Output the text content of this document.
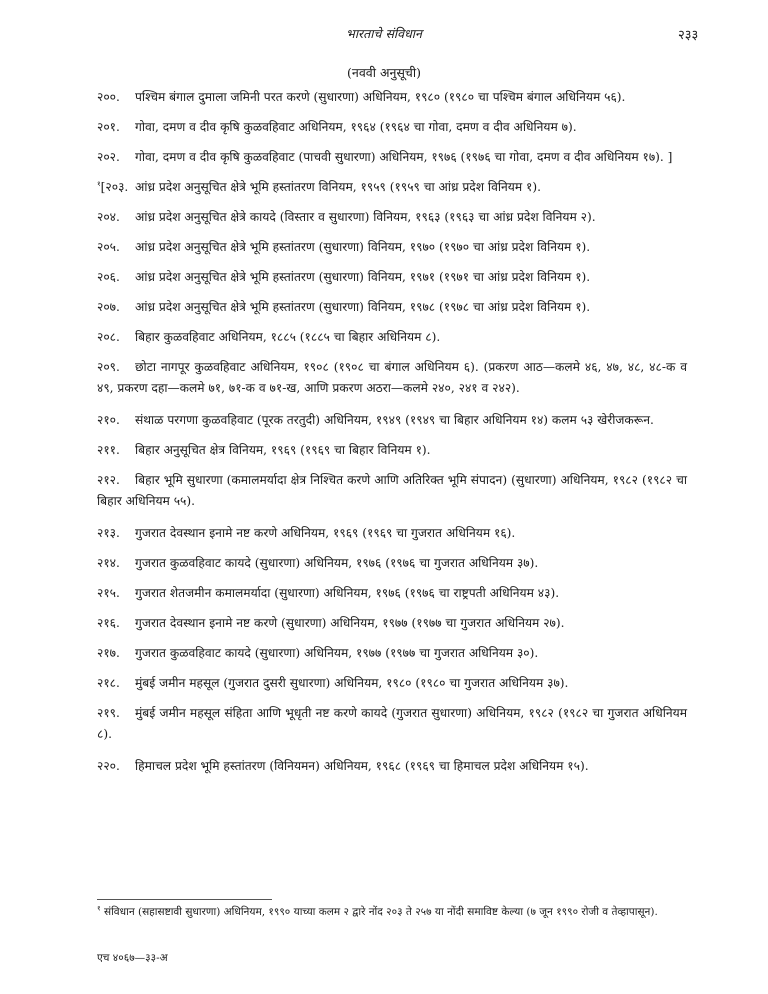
भारताचे संविधान	२३३
(नववी अनुसूची)
२००. पश्चिम बंगाल दुमाला जमिनी परत करणे (सुधारणा) अधिनियम, १९८० (१९८० चा पश्चिम बंगाल अधिनियम ५६).
२०१. गोवा, दमण व दीव कृषि कुळवहिवाट अधिनियम, १९६४ (१९६४ चा गोवा, दमण व दीव अधिनियम ७).
२०२. गोवा, दमण व दीव कृषि कुळवहिवाट (पाचवी सुधारणा) अधिनियम, १९७६ (१९७६ चा गोवा, दमण व दीव अधिनियम १७). ]
$^१$[२०३. आंध्र प्रदेश अनुसूचित क्षेत्रे भूमि हस्तांतरण विनियम, १९५९ (१९५९ चा आंध्र प्रदेश विनियम १).
२०४. आंध्र प्रदेश अनुसूचित क्षेत्रे कायदे (विस्तार व सुधारणा) विनियम, १९६३ (१९६३ चा आंध्र प्रदेश विनियम २).
२०५. आंध्र प्रदेश अनुसूचित क्षेत्रे भूमि हस्तांतरण (सुधारणा) विनियम, १९७० (१९७० चा आंध्र प्रदेश विनियम १).
२०६. आंध्र प्रदेश अनुसूचित क्षेत्रे भूमि हस्तांतरण (सुधारणा) विनियम, १९७१ (१९७१ चा आंध्र प्रदेश विनियम १).
२०७. आंध्र प्रदेश अनुसूचित क्षेत्रे भूमि हस्तांतरण (सुधारणा) विनियम, १९७८ (१९७८ चा आंध्र प्रदेश विनियम १).
२०८. बिहार कुळवहिवाट अधिनियम, १८८५ (१८८५ चा बिहार अधिनियम ८).
२०९. छोटा नागपूर कुळवहिवाट अधिनियम, १९०८ (१९०८ चा बंगाल अधिनियम ६). (प्रकरण आठ—कलमे ४६, ४७, ४८, ४८-क व ४९, प्रकरण दहा—कलमे ७१, ७१-क व ७१-ख, आणि प्रकरण अठरा—कलमे २४०, २४१ व २४२).
२१०. संथाळ परगणा कुळवहिवाट (पूरक तरतुदी) अधिनियम, १९४९ (१९४९ चा बिहार अधिनियम १४) कलम ५३ खेरीजकरून.
२११. बिहार अनुसूचित क्षेत्र विनियम, १९६९ (१९६९ चा बिहार विनियम १).
२१२. बिहार भूमि सुधारणा (कमालमर्यादा क्षेत्र निश्चित करणे आणि अतिरिक्त भूमि संपादन) (सुधारणा) अधिनियम, १९८२ (१९८२ चा बिहार अधिनियम ५५).
२१३. गुजरात देवस्थान इनामे नष्ट करणे अधिनियम, १९६९ (१९६९ चा गुजरात अधिनियम १६).
२१४. गुजरात कुळवहिवाट कायदे (सुधारणा) अधिनियम, १९७६ (१९७६ चा गुजरात अधिनियम ३७).
२१५. गुजरात शेतजमीन कमालमर्यादा (सुधारणा) अधिनियम, १९७६ (१९७६ चा राष्ट्रपती अधिनियम ४३).
२१६. गुजरात देवस्थान इनामे नष्ट करणे (सुधारणा) अधिनियम, १९७७ (१९७७ चा गुजरात अधिनियम २७).
२१७. गुजरात कुळवहिवाट कायदे (सुधारणा) अधिनियम, १९७७ (१९७७ चा गुजरात अधिनियम ३०).
२१८. मुंबई जमीन महसूल (गुजरात दुसरी सुधारणा) अधिनियम, १९८० (१९८० चा गुजरात अधिनियम ३७).
२१९. मुंबई जमीन महसूल संहिता आणि भूधृती नष्ट करणे कायदे (गुजरात सुधारणा) अधिनियम, १९८२ (१९८२ चा गुजरात अधिनियम ८).
२२०. हिमाचल प्रदेश भूमि हस्तांतरण (विनियमन) अधिनियम, १९६८ (१९६९ चा हिमाचल प्रदेश अधिनियम १५).
$^१$ संविधान (सहासष्टावी सुधारणा) अधिनियम, १९९० याच्या कलम २ द्वारे नोंद २०३ ते २५७ या नोंदी समाविष्ट केल्या (७ जून १९९० रोजी व तेव्हापासून).
एच ४०६७—३३-अ
